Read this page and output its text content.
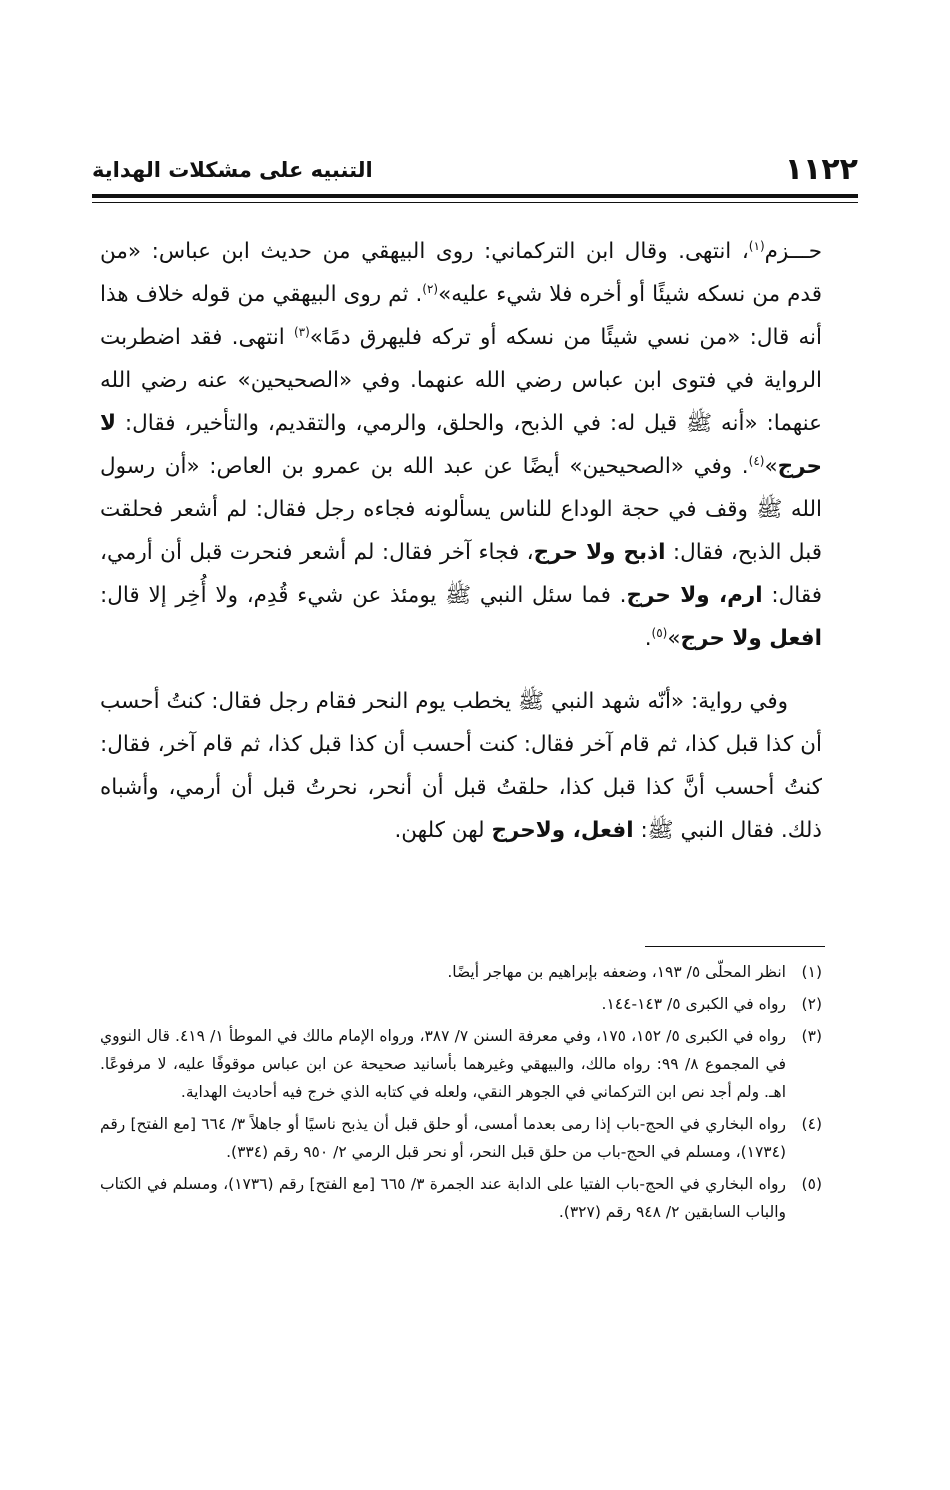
١١٢٢
التنبيه على مشكلات الهداية

حـــزم$^{(١)}$، انتهى. وقال ابن التركماني: روى البيهقي من حديث ابن عباس: «من قدم من نسكه شيئًا أو أخره فلا شيء عليه»$^{(٢)}$. ثم روى البيهقي من قوله خلاف هذا أنه قال: «من نسي شيئًا من نسكه أو تركه فليهرق دمًا»$^{(٣)}$ انتهى. فقد اضطربت الرواية في فتوى ابن عباس رضي الله عنهما. وفي «الصحيحين» عنه رضي الله عنهما: «أنه ﷺ قيل له: في الذبح، والحلق، والرمي، والتقديم، والتأخير، فقال: لا حرج»$^{(٤)}$. وفي «الصحيحين» أيضًا عن عبد الله بن عمرو بن العاص: «أن رسول الله ﷺ وقف في حجة الوداع للناس يسألونه فجاءه رجل فقال: لم أشعر فحلقت قبل الذبح، فقال: اذبح ولا حرج، فجاء آخر فقال: لم أشعر فنحرت قبل أن أرمي، فقال: ارم، ولا حرج. فما سئل النبي ﷺ يومئذ عن شيء قُدِم، ولا أُخِر إلا قال: افعل ولا حرج»$^{(٥)}$.

وفي رواية: «أنّه شهد النبي ﷺ يخطب يوم النحر فقام رجل فقال: كنتُ أحسب أن كذا قبل كذا، ثم قام آخر فقال: كنت أحسب أن كذا قبل كذا، ثم قام آخر، فقال: كنتُ أحسب أنَّ كذا قبل كذا، حلقتُ قبل أن أنحر، نحرتُ قبل أن أرمي، وأشباه ذلك. فقال النبي ﷺ: افعل، ولاحرج لهن كلهن.

(١)
انظر المحلّى ٥/ ١٩٣، وضعفه بإبراهيم بن مهاجر أيضًا.
(٢)
رواه في الكبرى ٥/ ١٤٣-١٤٤.
(٣)
رواه في الكبرى ٥/ ١٥٢، ١٧٥، وفي معرفة السنن ٧/ ٣٨٧، ورواه الإمام مالك في الموطأ ١/ ٤١٩. قال النووي في المجموع ٨/ ٩٩: رواه مالك، والبيهقي وغيرهما بأسانيد صحيحة عن ابن عباس موقوفًا عليه، لا مرفوعًا. اهـ. ولم أجد نص ابن التركماني في الجوهر النقي، ولعله في كتابه الذي خرج فيه أحاديث الهداية.
(٤)
رواه البخاري في الحج-باب إذا رمى بعدما أمسى، أو حلق قبل أن يذبح ناسيًا أو جاهلاً ٣/ ٦٦٤ [مع الفتح] رقم (١٧٣٤)، ومسلم في الحج-باب من حلق قبل النحر، أو نحر قبل الرمي ٢/ ٩٥٠ رقم (٣٣٤).
(٥)
رواه البخاري في الحج-باب الفتيا على الدابة عند الجمرة ٣/ ٦٦٥ [مع الفتح] رقم (١٧٣٦)، ومسلم في الكتاب والباب السابقين ٢/ ٩٤٨ رقم (٣٢٧).
